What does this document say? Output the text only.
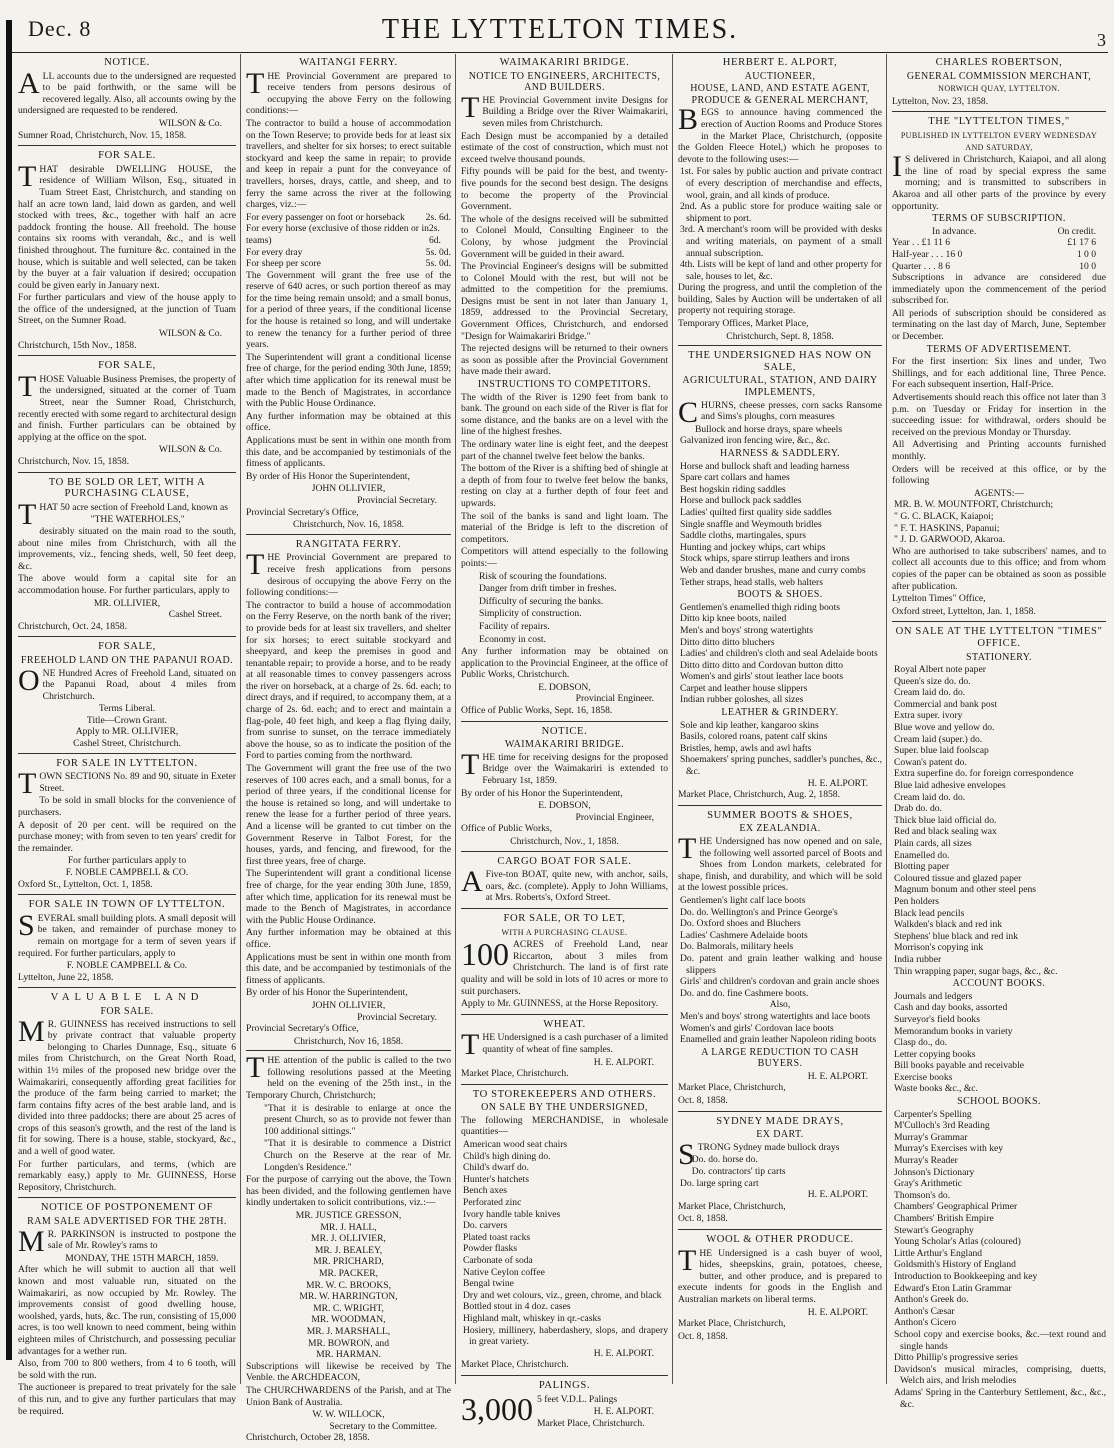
Dec. 8	THE LYTTELTON TIMES.	3
NOTICE.
ALL accounts due to the undersigned are requested to be paid forthwith, or the same will be recovered legally. Also, all accounts owing by the undersigned are requested to be rendered.
WILSON & Co.
Sumner Road, Christchurch, Nov. 15, 1858.
FOR SALE.
THAT desirable DWELLING HOUSE, the residence of William Wilson, Esq., situated in Tuam Street East, Christchurch, and standing on half an acre town land, laid down as garden, and well stocked with trees, &c., together with half an acre paddock fronting the house. All freehold. The house contains six rooms with verandah, &c., and is well finished throughout. The furniture &c. contained in the house, which is suitable and well selected, can be taken by the buyer at a fair valuation if desired; occupation could be given early in January next.
For further particulars and view of the house apply to the office of the undersigned, at the junction of Tuam Street, on the Sumner Road.
WILSON & Co.
Christchurch, 15th Nov., 1858.
FOR SALE,
THOSE Valuable Business Premises, the property of the undersigned, situated at the corner of Tuam Street, near the Sumner Road, Christchurch, recently erected with some regard to architectural design and finish. Further particulars can be obtained by applying at the office on the spot.
WILSON & Co.
Christchurch, Nov. 15, 1858.
TO BE SOLD OR LET, WITH A PURCHASING CLAUSE,
THAT 50 acre section of Freehold Land, known as
"THE WATERHOLES,"
desirably situated on the main road to the south, about nine miles from Christchurch, with all the improvements, viz., fencing sheds, well, 50 feet deep, &c.
The above would form a capital site for an accommodation house. For further particulars, apply to
MR. OLLIVIER,
Cashel Street.
Christchurch, Oct. 24, 1858.
FOR SALE,
FREEHOLD LAND ON THE PAPANUI ROAD.
ONE Hundred Acres of Freehold Land, situated on the Papanui Road, about 4 miles from Christchurch.
Terms Liberal.
Title—Crown Grant.
Apply to MR. OLLIVIER,
Cashel Street, Christchurch.
FOR SALE IN LYTTELTON.
TOWN SECTIONS No. 89 and 90, situate in Exeter Street.
To be sold in small blocks for the convenience of purchasers.
A deposit of 20 per cent. will be required on the purchase money; with from seven to ten years' credit for the remainder.
For further particulars apply to
F. NOBLE CAMPBELL & CO.
Oxford St., Lyttelton, Oct. 1, 1858.
FOR SALE IN TOWN OF LYTTELTON.
SEVERAL small building plots. A small deposit will be taken, and remainder of purchase money to remain on mortgage for a term of seven years if required. For further particulars, apply to
F. NOBLE CAMPBELL & Co.
Lyttelton, June 22, 1858.
VALUABLE LAND
FOR SALE.
MR. GUINNESS has received instructions to sell by private contract that valuable property belonging to Charles Dunnage, Esq., situate 6 miles from Christchurch, on the Great North Road, within 1½ miles of the proposed new bridge over the Waimakariri, consequently affording great facilities for the produce of the farm being carried to market; the farm contains fifty acres of the best arable land, and is divided into three paddocks; there are about 25 acres of crops of this season's growth, and the rest of the land is fit for sowing. There is a house, stable, stockyard, &c., and a well of good water.
For further particulars, and terms, (which are remarkably easy,) apply to Mr. GUINNESS, Horse Repository, Christchurch.
NOTICE OF POSTPONEMENT OF
RAM SALE ADVERTISED FOR THE 28TH.
MR. PARKINSON is instructed to postpone the sale of Mr. Rowley's rams to
MONDAY, THE 15TH MARCH, 1859.
After which he will submit to auction all that well known and most valuable run, situated on the Waimakariri, as now occupied by Mr. Rowley. The improvements consist of good dwelling house, woolshed, yards, huts, &c. The run, consisting of 15,000 acres, is too well known to need comment, being within eighteen miles of Christchurch, and possessing peculiar advantages for a wether run.
Also, from 700 to 800 wethers, from 4 to 6 tooth, will be sold with the run.
The auctioneer is prepared to treat privately for the sale of this run, and to give any further particulars that may be required.
WAITANGI FERRY.
THE Provincial Government are prepared to receive tenders from persons desirous of occupying the above Ferry on the following conditions:—
The contractor to build a house of accommodation on the Town Reserve; to provide beds for at least six travellers, and shelter for six horses; to erect suitable stockyard and keep the same in repair; to provide and keep in repair a punt for the conveyance of travellers, horses, drays, cattle, and sheep, and to ferry the same across the river at the following charges, viz.:—
For every passenger on foot or horseback 2s. 6d.
For every horse (exclusive of those ridden or in teams)
2s. 6d.
For every dray	5s. 0d.
For sheep per score	5s. 0d.
The Government will grant the free use of the reserve of 640 acres, or such portion thereof as may for the time being remain unsold; and a small bonus, for a period of three years, if the conditional license for the house is retained so long, and will undertake to renew the tenancy for a further period of three years.
The Superintendent will grant a conditional license free of charge, for the period ending 30th June, 1859; after which time application for its renewal must be made to the Bench of Magistrates, in accordance with the Public House Ordinance.
Any further information may be obtained at this office.
Applications must be sent in within one month from this date, and be accompanied by testimonials of the fitness of applicants.
By order of His Honor the Superintendent,
JOHN OLLIVIER,
Provincial Secretary.
Provincial Secretary's Office,
Christchurch, Nov. 16, 1858.
RANGITATA FERRY.
THE Provincial Government are prepared to receive fresh applications from persons desirous of occupying the above Ferry on the following conditions:—
The contractor to build a house of accommodation on the Ferry Reserve, on the north bank of the river; to provide beds for at least six travellers, and shelter for six horses; to erect suitable stockyard and sheepyard, and keep the premises in good and tenantable repair; to provide a horse, and to be ready at all reasonable times to convey passengers across the river on horseback, at a charge of 2s. 6d. each; to direct drays, and if required, to accompany them, at a charge of 2s. 6d. each; and to erect and maintain a flag-pole, 40 feet high, and keep a flag flying daily, from sunrise to sunset, on the terrace immediately above the house, so as to indicate the position of the Ford to parties coming from the northward.
The Government will grant the free use of the two reserves of 100 acres each, and a small bonus, for a period of three years, if the conditional license for the house is retained so long, and will undertake to renew the lease for a further period of three years. And a license will be granted to cut timber on the Government Reserve in Talbot Forest, for the houses, yards, and fencing, and firewood, for the first three years, free of charge.
The Superintendent will grant a conditional license free of charge, for the year ending 30th June, 1859, after which time, application for its renewal must be made to the Bench of Magistrates, in accordance with the Public House Ordinance.
Any further information may be obtained at this office.
Applications must be sent in within one month from this date, and be accompanied by testimonials of the fitness of applicants.
By order of his Honor the Superintendent,
JOHN OLLIVIER,
Provincial Secretary.
Provincial Secretary's Office,
Christchurch, Nov 16, 1858.
THE attention of the public is called to the two following resolutions passed at the Meeting held on the evening of the 25th inst., in the Temporary Church, Christchurch;
"That it is desirable to enlarge at once the present Church, so as to provide not fewer than 100 additional sittings."
"That it is desirable to commence a District Church on the Reserve at the rear of Mr. Longden's Residence."
For the purpose of carrying out the above, the Town has been divided, and the following gentlemen have kindly undertaken to solicit contributions, viz.:—
MR. JUSTICE GRESSON,
MR. J. HALL,
MR. J. OLLIVIER,
MR. J. BEALEY,
MR. PRICHARD,
MR. PACKER,
MR. W. C. BROOKS,
MR. W. HARRINGTON,
MR. C. WRIGHT,
MR. WOODMAN,
MR. J. MARSHALL,
MR. BOWRON, and
MR. HARMAN.
Subscriptions will likewise be received by The Venble. the ARCHDEACON,
The CHURCHWARDENS of the Parish, and at The Union Bank of Australia.
W. W. WILLOCK,
Secretary to the Committee.
Christchurch, October 28, 1858.
WAIMAKARIRI BRIDGE.
NOTICE TO ENGINEERS, ARCHITECTS, AND BUILDERS.
THE Provincial Government invite Designs for Building a Bridge over the River Waimakariri, seven miles from Christchurch.
Each Design must be accompanied by a detailed estimate of the cost of construction, which must not exceed twelve thousand pounds.
Fifty pounds will be paid for the best, and twenty-five pounds for the second best design. The designs to become the property of the Provincial Government.
The whole of the designs received will be submitted to Colonel Mould, Consulting Engineer to the Colony, by whose judgment the Provincial Government will be guided in their award.
The Provincial Engineer's designs will be submitted to Colonel Mould with the rest, but will not be admitted to the competition for the premiums. Designs must be sent in not later than January 1, 1859, addressed to the Provincial Secretary, Government Offices, Christchurch, and endorsed "Design for Waimakariri Bridge."
The rejected designs will be returned to their owners as soon as possible after the Provincial Government have made their award.
INSTRUCTIONS TO COMPETITORS.
The width of the River is 1290 feet from bank to bank. The ground on each side of the River is flat for some distance, and the banks are on a level with the line of the highest freshes.
The ordinary water line is eight feet, and the deepest part of the channel twelve feet below the banks.
The bottom of the River is a shifting bed of shingle at a depth of from four to twelve feet below the banks, resting on clay at a further depth of four feet and upwards.
The soil of the banks is sand and light loam. The material of the Bridge is left to the discretion of competitors.
Competitors will attend especially to the following points:—
Risk of scouring the foundations.
Danger from drift timber in freshes.
Difficulty of securing the banks.
Simplicity of construction.
Facility of repairs.
Economy in cost.
Any further information may be obtained on application to the Provincial Engineer, at the office of Public Works, Christchurch.
E. DOBSON,
Provincial Engineer.
Office of Public Works, Sept. 16, 1858.
NOTICE.
WAIMAKARIRI BRIDGE.
THE time for receiving designs for the proposed Bridge over the Waimakariri is extended to February 1st, 1859.
By order of his Honor the Superintendent,
E. DOBSON,
Provincial Engineer,
Office of Public Works,
Christchurch, Nov., 1, 1858.
CARGO BOAT FOR SALE.
AFive-ton BOAT, quite new, with anchor, sails, oars, &c. (complete). Apply to John Williams, at Mrs. Roberts's, Oxford Street.
FOR SALE, OR TO LET,
WITH A PURCHASING CLAUSE.
100 ACRES of Freehold Land, near Riccarton, about 3 miles from Christchurch. The land is of first rate quality and will be sold in lots of 10 acres or more to suit purchasers.
Apply to Mr. GUINNESS, at the Horse Repository.
WHEAT.
THE Undersigned is a cash purchaser of a limited quantity of wheat of fine samples.
H. E. ALPORT.
Market Place, Christchurch.
TO STOREKEEPERS AND OTHERS.
ON SALE BY THE UNDERSIGNED,
The following MERCHANDISE, in wholesale quantities—
American wood seat chairs
Child's high dining do.
Child's dwarf do.
Hunter's hatchets
Bench axes
Perforated zinc
Ivory handle table knives
Do. carvers
Plated toast racks
Powder flasks
Carbonate of soda
Native Ceylon coffee
Bengal twine
Dry and wet colours, viz., green, chrome, and black
Bottled stout in 4 doz. cases
Highland malt, whiskey in qr.-casks
Hosiery, millinery, haberdashery, slops, and drapery in great variety.
H. E. ALPORT.
Market Place, Christchurch.
PALINGS.
3,000 5 feet V.D.L. Palings
H. E. ALPORT.
Market Place, Christchurch.
HERBERT E. ALPORT,
AUCTIONEER,
HOUSE, LAND, AND ESTATE AGENT, PRODUCE & GENERAL MERCHANT,
BEGS to announce having commenced the erection of Auction Rooms and Produce Stores in the Market Place, Christchurch, (opposite the Golden Fleece Hotel,) which he proposes to devote to the following uses:—
1st. For sales by public auction and private contract of every description of merchandise and effects, wool, grain, and all kinds of produce.
2nd. As a public store for produce waiting sale or shipment to port.
3rd. A merchant's room will be provided with desks and writing materials, on payment of a small annual subscription.
4th. Lists will be kept of land and other property for sale, houses to let, &c.
During the progress, and until the completion of the building, Sales by Auction will be undertaken of all property not requiring storage.
Temporary Offices, Market Place,
Christchurch, Sept. 8, 1858.
THE UNDERSIGNED HAS NOW ON SALE,
AGRICULTURAL, STATION, AND DAIRY IMPLEMENTS,
CHURNS, cheese presses, corn sacks Ransome and Sims's ploughs, corn measures
Bullock and horse drays, spare wheels
Galvanized iron fencing wire, &c., &c.
HARNESS & SADDLERY.
Horse and bullock shaft and leading harness
Spare cart collars and hames
Best hogskin riding saddles
Horse and bullock pack saddles
Ladies' quilted first quality side saddles
Single snaffle and Weymouth bridles
Saddle cloths, martingales, spurs
Hunting and jockey whips, cart whips
Stock whips, spare stirrup leathers and irons
Web and dander brushes, mane and curry combs
Tether straps, head stalls, web halters
BOOTS & SHOES.
Gentlemen's enamelled thigh riding boots
Ditto kip knee boots, nailed
Men's and boys' strong watertights
Ditto ditto ditto bluchers
Ladies' and children's cloth and seal Adelaide boots
Ditto ditto ditto and Cordovan button ditto
Women's and girls' stout leather lace boots
Carpet and leather house slippers
Indian rubber goloshes, all sizes
LEATHER & GRINDERY.
Sole and kip leather, kangaroo skins
Basils, colored roans, patent calf skins
Bristles, hemp, awls and awl hafts
Shoemakers' spring punches, saddler's punches, &c., &c.
H. E. ALPORT.
Market Place, Christchurch, Aug. 2, 1858.
SUMMER BOOTS & SHOES,
EX ZEALANDIA.
THE Undersigned has now opened and on sale, the following well assorted parcel of Boots and Shoes from London markets, celebrated for shape, finish, and durability, and which will be sold at the lowest possible prices.
Gentlemen's light calf lace boots
Do. do. Wellington's and Prince George's
Do. Oxford shoes and Bluchers
Ladies' Cashmere Adelaide boots
Do. Balmorals, military heels
Do. patent and grain leather walking and house slippers
Girls' and children's cordovan and grain ancle shoes
Do. and do. fine Cashmere boots.
Also,
Men's and boys' strong watertights and lace boots
Women's and girls' Cordovan lace boots
Enamelled and grain leather Napoleon riding boots
A LARGE REDUCTION TO CASH BUYERS.
H. E. ALPORT.
Market Place, Christchurch,
Oct. 8, 1858.
SYDNEY MADE DRAYS,
EX DART.
STRONG Sydney made bullock drays
Do. do. horse do.
Do. contractors' tip carts
Do. large spring cart
H. E. ALPORT.
Market Place, Christchurch,
Oct. 8, 1858.
WOOL & OTHER PRODUCE.
THE Undersigned is a cash buyer of wool, hides, sheepskins, grain, potatoes, cheese, butter, and other produce, and is prepared to execute indents for goods in the English and Australian markets on liberal terms.
H. E. ALPORT.
Market Place, Christchurch,
Oct. 8, 1858.
CHARLES ROBERTSON,
GENERAL COMMISSION MERCHANT,
NORWICH QUAY, LYTTELTON.
Lyttelton, Nov. 23, 1858.
THE "LYTTELTON TIMES,"
PUBLISHED IN LYTTELTON EVERY WEDNESDAY AND SATURDAY,
IS delivered in Christchurch, Kaiapoi, and all along the line of road by special express the same morning; and is transmitted to subscribers in Akaroa and all other parts of the province by every opportunity.
TERMS OF SUBSCRIPTION.
In advance.	On credit.
Year . . £1 11 6	£1 17 6
Half-year . . . 16 0	1 0 0
Quarter . . . 8 6	10 0
Subscriptions in advance are considered due immediately upon the commencement of the period subscribed for.
All periods of subscription should be considered as terminating on the last day of March, June, September or December.
TERMS OF ADVERTISEMENT.
For the first insertion: Six lines and under, Two Shillings, and for each additional line, Three Pence. For each subsequent insertion, Half-Price.
Advertisements should reach this office not later than 3 p.m. on Tuesday or Friday for insertion in the succeeding issue: for withdrawal, orders should be received on the previous Monday or Thursday.
All Advertising and Printing accounts furnished monthly.
Orders will be received at this office, or by the following
AGENTS:—
MR. B. W. MOUNTFORT, Christchurch;
" G. C. BLACK, Kaiapoi;
" F. T. HASKINS, Papanui;
" J. D. GARWOOD, Akaroa.
Who are authorised to take subscribers' names, and to collect all accounts due to this office; and from whom copies of the paper can be obtained as soon as possible after publication.
Lyttelton Times" Office,
Oxford street, Lyttelton, Jan. 1, 1858.
ON SALE AT THE LYTTELTON "TIMES" OFFICE.
STATIONERY.
Royal Albert note paper
Queen's size do. do.
Cream laid do. do.
Commercial and bank post
Extra super. ivory
Blue wove and yellow do.
Cream laid (super.) do.
Super. blue laid foolscap
Cowan's patent do.
Extra superfine do. for foreign correspondence
Blue laid adhesive envelopes
Cream laid do. do.
Drab do. do.
Thick blue laid official do.
Red and black sealing wax
Plain cards, all sizes
Enamelled do.
Blotting paper
Coloured tissue and glazed paper
Magnum bonum and other steel pens
Pen holders
Black lead pencils
Walkden's black and red ink
Stephens' blue black and red ink
Morrison's copying ink
India rubber
Thin wrapping paper, sugar bags, &c., &c.
ACCOUNT BOOKS.
Journals and ledgers
Cash and day books, assorted
Surveyor's field books
Memorandum books in variety
Clasp do., do.
Letter copying books
Bill books payable and receivable
Exercise books
Waste books &c., &c.
SCHOOL BOOKS.
Carpenter's Spelling
M'Culloch's 3rd Reading
Murray's Grammar
Murray's Exercises with key
Murray's Reader
Johnson's Dictionary
Gray's Arithmetic
Thomson's do.
Chambers' Geographical Primer
Chambers' British Empire
Stewart's Geography
Young Scholar's Atlas (coloured)
Little Arthur's England
Goldsmith's History of England
Introduction to Bookkeeping and key
Edward's Eton Latin Grammar
Anthon's Greek do.
Anthon's Cæsar
Anthon's Cicero
School copy and exercise books, &c.—text round and single hands
Ditto Phillip's progressive series
Davidson's musical miracles, comprising, duetts, Welch airs, and Irish melodies
Adams' Spring in the Canterbury Settlement, &c., &c., &c.
